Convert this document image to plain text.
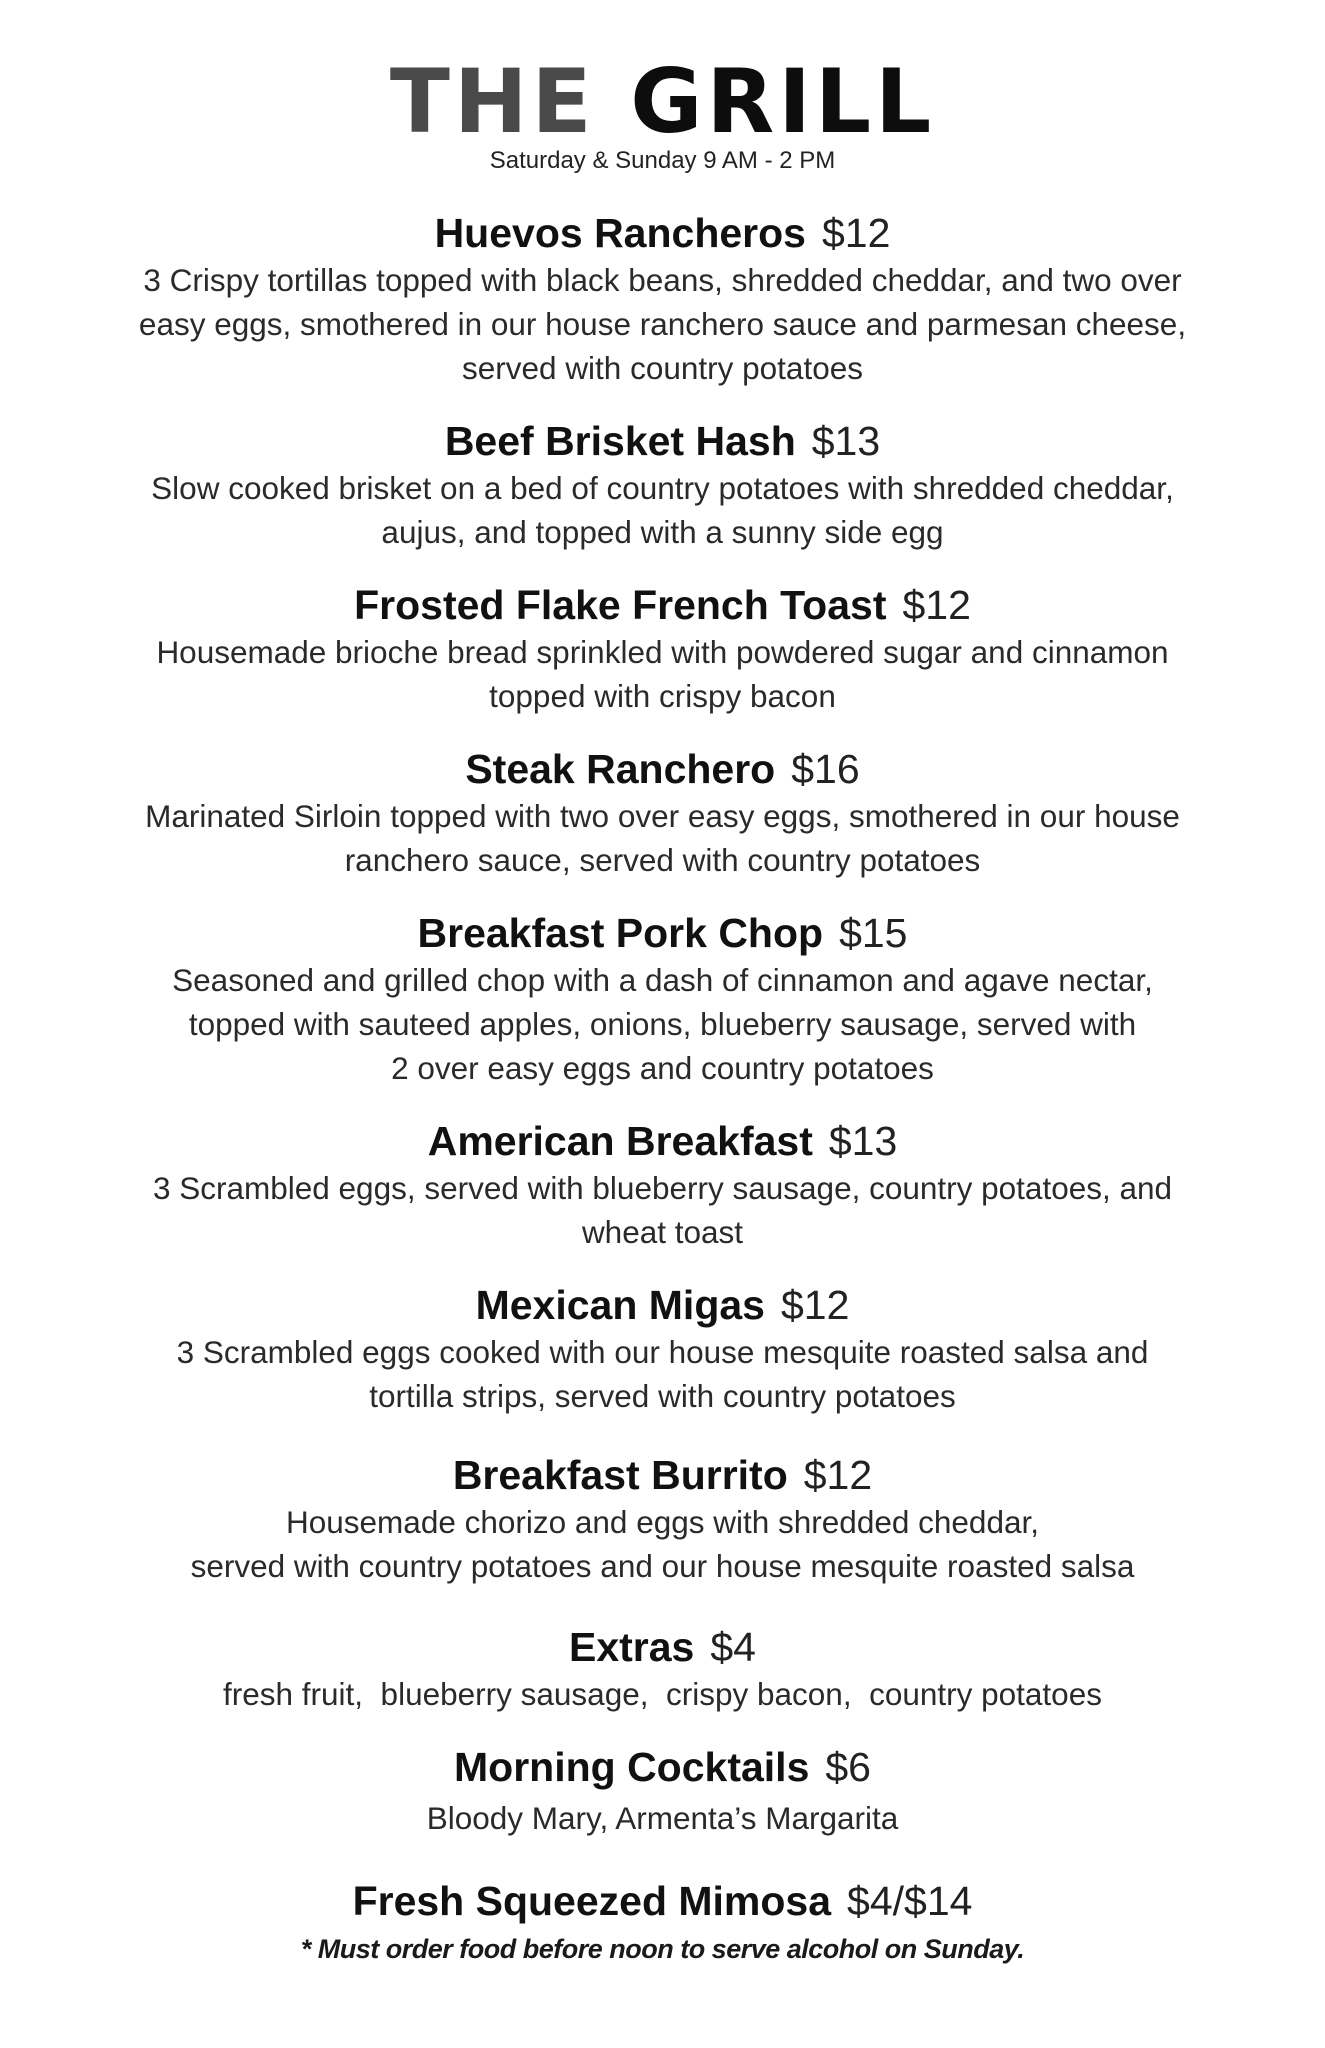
THE GRILL
Saturday & Sunday 9 AM - 2 PM
Huevos Rancheros $12
3 Crispy tortillas topped with black beans, shredded cheddar, and two over
easy eggs, smothered in our house ranchero sauce and parmesan cheese,
served with country potatoes
Beef Brisket Hash $13
Slow cooked brisket on a bed of country potatoes with shredded cheddar,
aujus, and topped with a sunny side egg
Frosted Flake French Toast $12
Housemade brioche bread sprinkled with powdered sugar and cinnamon
topped with crispy bacon
Steak Ranchero $16
Marinated Sirloin topped with two over easy eggs, smothered in our house
ranchero sauce, served with country potatoes
Breakfast Pork Chop $15
Seasoned and grilled chop with a dash of cinnamon and agave nectar,
topped with sauteed apples, onions, blueberry sausage, served with
2 over easy eggs and country potatoes
American Breakfast $13
3 Scrambled eggs, served with blueberry sausage, country potatoes, and
wheat toast
Mexican Migas $12
3 Scrambled eggs cooked with our house mesquite roasted salsa and
tortilla strips, served with country potatoes
Breakfast Burrito $12
Housemade chorizo and eggs with shredded cheddar,
served with country potatoes and our house mesquite roasted salsa
Extras $4
fresh fruit,  blueberry sausage,  crispy bacon,  country potatoes
Morning Cocktails $6
Bloody Mary, Armenta’s Margarita
Fresh Squeezed Mimosa $4/$14
* Must order food before noon to serve alcohol on Sunday.
